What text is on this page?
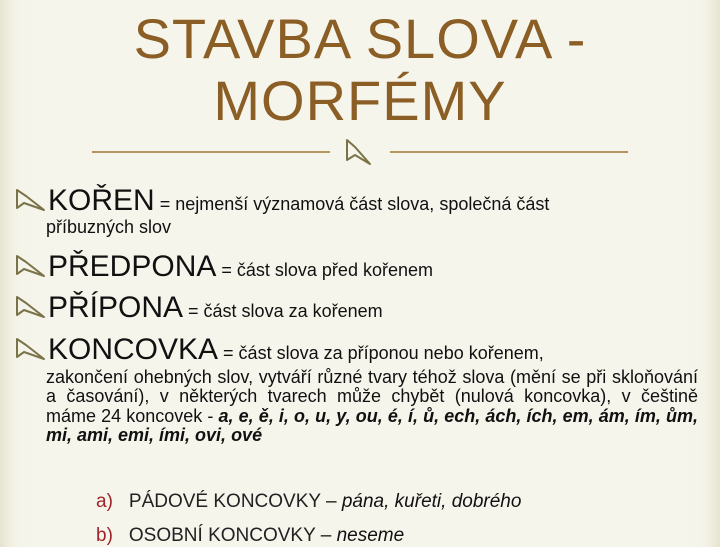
STAVBA SLOVA -
MORFÉMY
KOŘEN = nejmenší významová část slova, společná část
příbuzných slov
PŘEDPONA = část slova před kořenem
PŘÍPONA = část slova za kořenem
KONCOVKA = část slova za příponou nebo kořenem,
zakončení ohebných slov, vytváří různé tvary téhož slova (mění se při skloňování a časování), v některých tvarech může chybět (nulová koncovka), v češtině máme 24 koncovek - a, e, ě, i, o, u, y, ou, é, í, ů, ech, ách, ích, em, ám, ím, ům, mi, ami, emi, ími, ovi, ové
a) PÁDOVÉ KONCOVKY – pána, kuřeti, dobrého
b) OSOBNÍ KONCOVKY – neseme
